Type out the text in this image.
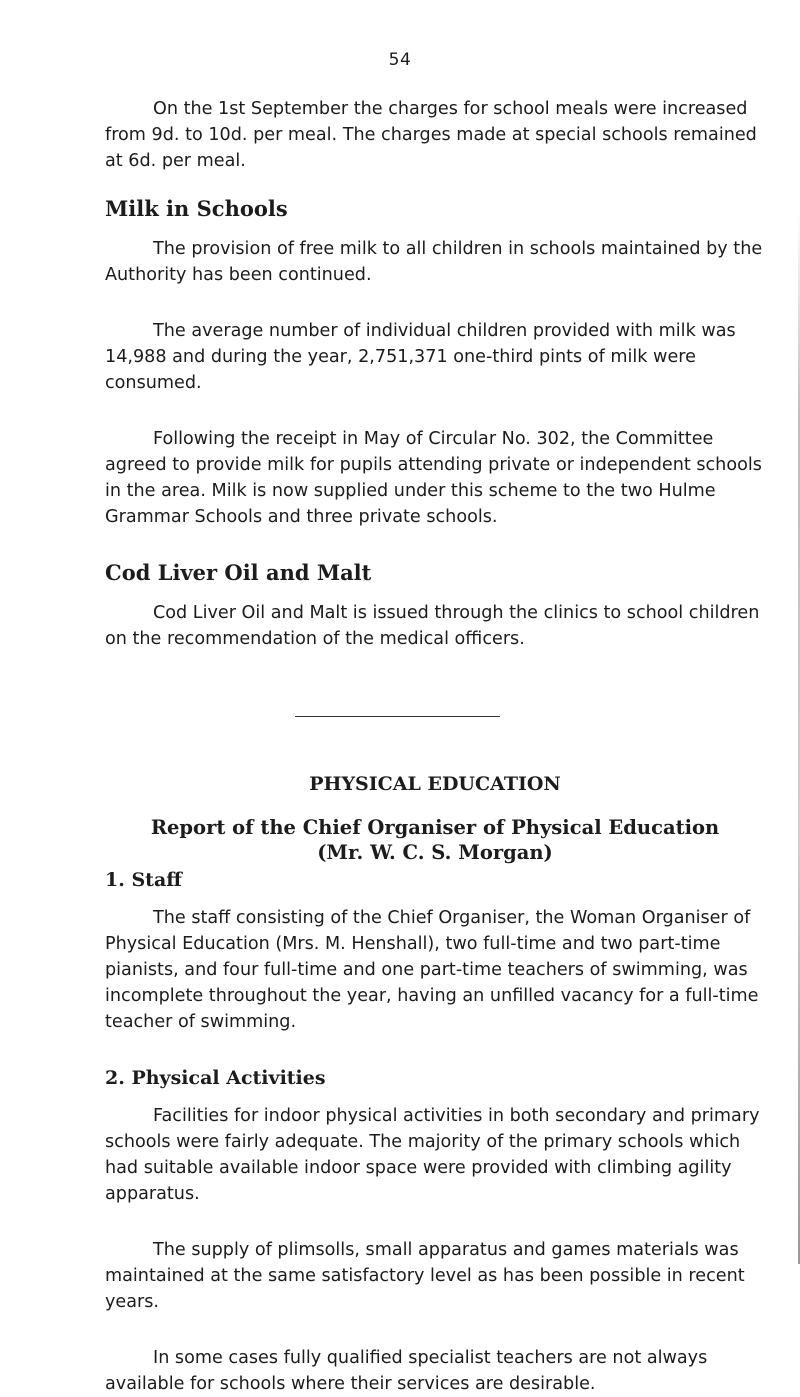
54

On the 1st September the charges for school meals were increased from 9d. to 10d. per meal. The charges made at special schools remained at 6d. per meal.

Milk in Schools

The provision of free milk to all children in schools maintained by the Authority has been continued.

The average number of individual children provided with milk was 14,988 and during the year, 2,751,371 one-third pints of milk were consumed.

Following the receipt in May of Circular No. 302, the Committee agreed to provide milk for pupils attending private or independent schools in the area. Milk is now supplied under this scheme to the two Hulme Grammar Schools and three private schools.

Cod Liver Oil and Malt

Cod Liver Oil and Malt is issued through the clinics to school children on the recommendation of the medical officers.

PHYSICAL EDUCATION
Report of the Chief Organiser of Physical Education
(Mr. W. C. S. Morgan)
1. Staff

The staff consisting of the Chief Organiser, the Woman Organiser of Physical Education (Mrs. M. Henshall), two full-time and two part-time pianists, and four full-time and one part-time teachers of swimming, was incomplete throughout the year, having an unfilled vacancy for a full-time teacher of swimming.

2. Physical Activities

Facilities for indoor physical activities in both secondary and primary schools were fairly adequate. The majority of the primary schools which had suitable available indoor space were provided with climbing agility apparatus.

The supply of plimsolls, small apparatus and games materials was maintained at the same satisfactory level as has been possible in recent years.

In some cases fully qualified specialist teachers are not always available for schools where their services are desirable.
